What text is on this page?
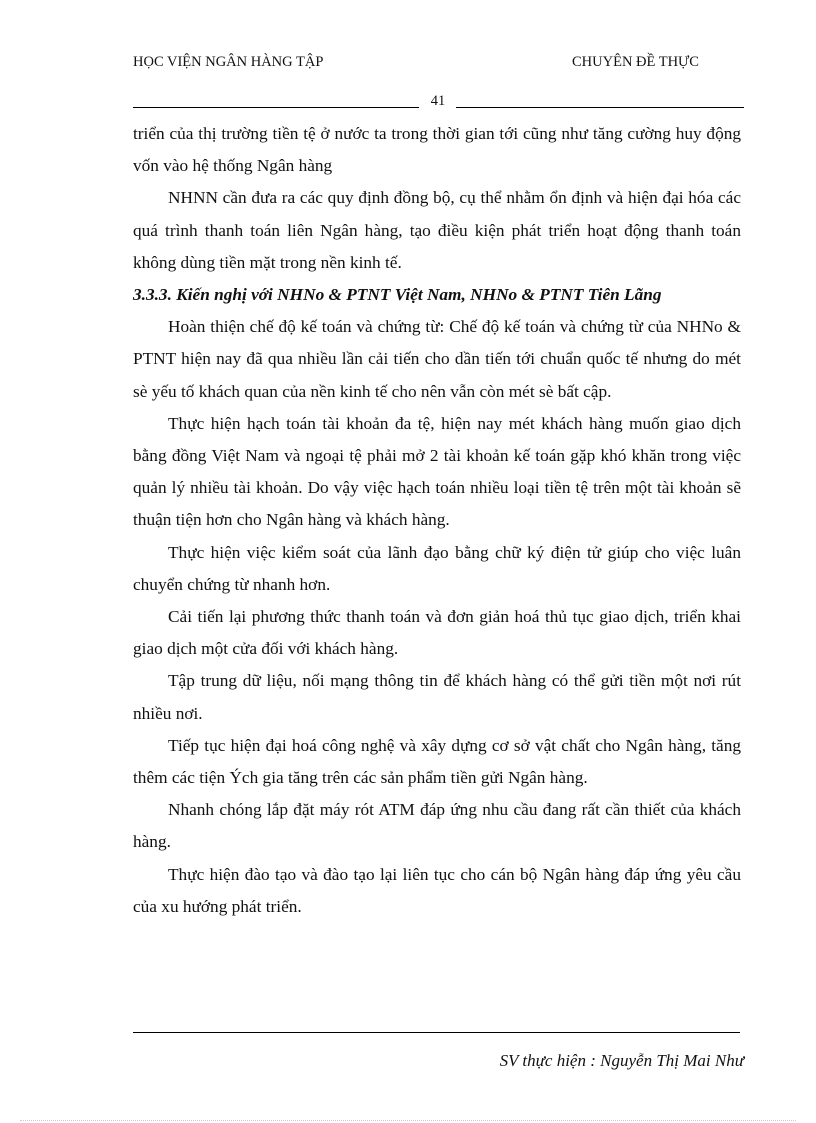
HỌC VIỆN NGÂN HÀNG TẬP	CHUYÊN ĐỀ THỰC
41

triển của thị trường tiền tệ ở nước ta trong thời gian tới cũng như tăng cường huy động vốn vào hệ thống Ngân hàng

NHNN cần đưa ra các quy định đồng bộ, cụ thể nhằm ổn định và hiện đại hóa các quá trình thanh toán liên Ngân hàng, tạo điều kiện phát triển hoạt động thanh toán không dùng tiền mặt trong nền kinh tế.

3.3.3. Kiến nghị với NHNo & PTNT Việt Nam, NHNo & PTNT Tiên Lãng

Hoàn thiện chế độ kế toán và chứng từ: Chế độ kế toán và chứng từ của NHNo & PTNT hiện nay đã qua nhiều lần cải tiến cho dần tiến tới chuẩn quốc tế nhưng do mét sè yếu tố khách quan của nền kinh tế cho nên vẫn còn mét sè bất cập.

Thực hiện hạch toán tài khoản đa tệ, hiện nay mét khách hàng muốn giao dịch bằng đồng Việt Nam và ngoại tệ phải mở 2 tài khoản kế toán gặp khó khăn trong việc quản lý nhiều tài khoản. Do vậy việc hạch toán nhiều loại tiền tệ trên một tài khoản sẽ thuận tiện hơn cho Ngân hàng và khách hàng.

Thực hiện việc kiểm soát của lãnh đạo bằng chữ ký điện tử giúp cho việc luân chuyển chứng từ nhanh hơn.

Cải tiến lại phương thức thanh toán và đơn giản hoá thủ tục giao dịch, triển khai giao dịch một cửa đối với khách hàng.

Tập trung dữ liệu, nối mạng thông tin để khách hàng có thể gửi tiền một nơi rút nhiều nơi.

Tiếp tục hiện đại hoá công nghệ và xây dựng cơ sở vật chất cho Ngân hàng, tăng thêm các tiện Ých gia tăng trên các sản phẩm tiền gửi Ngân hàng.

Nhanh chóng lắp đặt máy rót ATM đáp ứng nhu cầu đang rất cần thiết của khách hàng.

Thực hiện đào tạo và đào tạo lại liên tục cho cán bộ Ngân hàng đáp ứng yêu cầu của xu hướng phát triển.

SV thực hiện : Nguyễn Thị Mai Như
